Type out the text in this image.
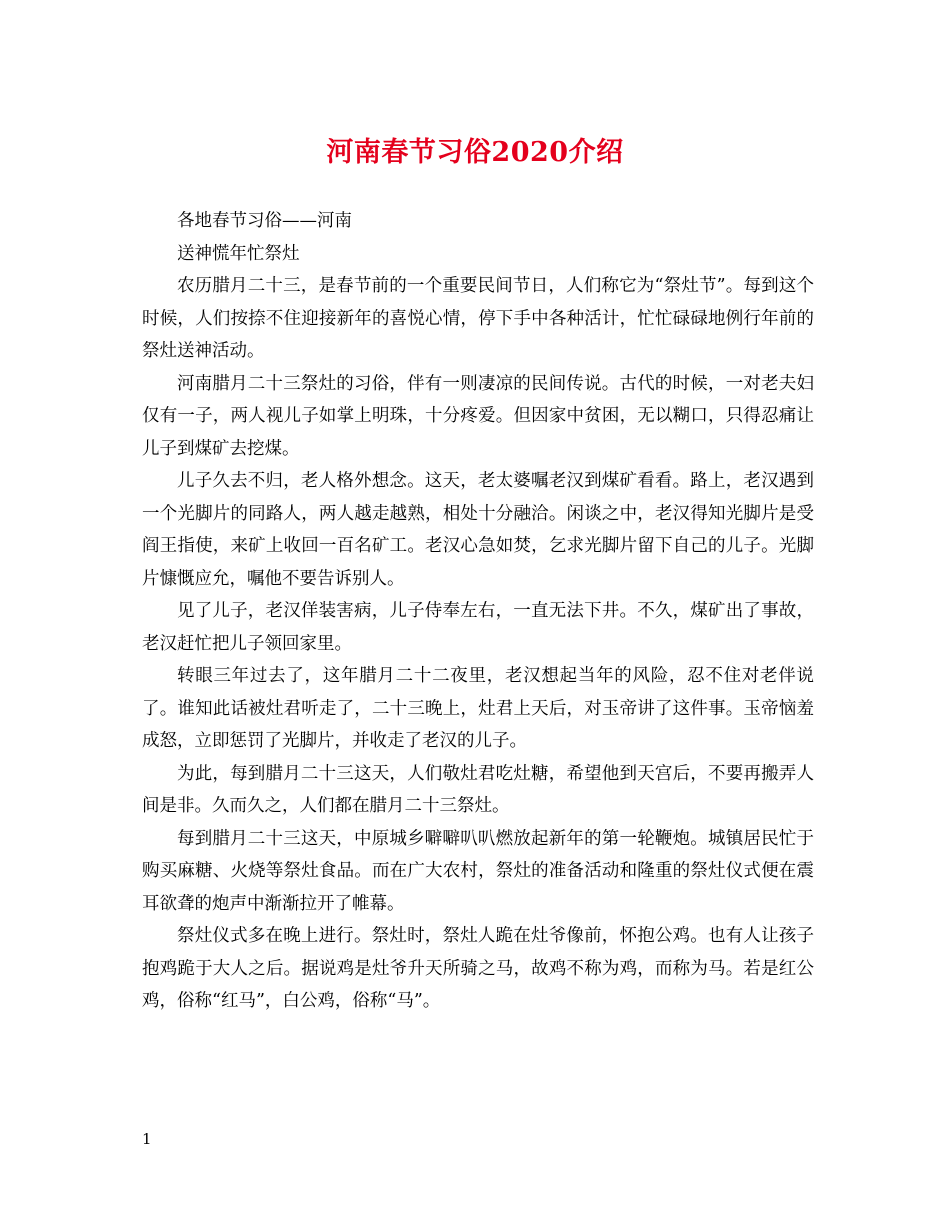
河南春节习俗2020介绍

各地春节习俗——河南

送神慌年忙祭灶

农历腊月二十三，是春节前的一个重要民间节日，人们称它为“祭灶节”。每到这个时候，人们按捺不住迎接新年的喜悦心情，停下手中各种活计，忙忙碌碌地例行年前的祭灶送神活动。

河南腊月二十三祭灶的习俗，伴有一则凄凉的民间传说。古代的时候，一对老夫妇仅有一子，两人视儿子如掌上明珠，十分疼爱。但因家中贫困，无以糊口，只得忍痛让儿子到煤矿去挖煤。

儿子久去不归，老人格外想念。这天，老太婆嘱老汉到煤矿看看。路上，老汉遇到一个光脚片的同路人，两人越走越熟，相处十分融洽。闲谈之中，老汉得知光脚片是受阎王指使，来矿上收回一百名矿工。老汉心急如焚，乞求光脚片留下自己的儿子。光脚片慷慨应允，嘱他不要告诉别人。

见了儿子，老汉佯装害病，儿子侍奉左右，一直无法下井。不久，煤矿出了事故，老汉赶忙把儿子领回家里。

转眼三年过去了，这年腊月二十二夜里，老汉想起当年的风险，忍不住对老伴说了。谁知此话被灶君听走了，二十三晚上，灶君上天后，对玉帝讲了这件事。玉帝恼羞成怒，立即惩罚了光脚片，并收走了老汉的儿子。

为此，每到腊月二十三这天，人们敬灶君吃灶糖，希望他到天宫后，不要再搬弄人间是非。久而久之，人们都在腊月二十三祭灶。

每到腊月二十三这天，中原城乡噼噼叭叭燃放起新年的第一轮鞭炮。城镇居民忙于购买麻糖、火烧等祭灶食品。而在广大农村，祭灶的准备活动和隆重的祭灶仪式便在震耳欲聋的炮声中渐渐拉开了帷幕。

祭灶仪式多在晚上进行。祭灶时，祭灶人跪在灶爷像前，怀抱公鸡。也有人让孩子抱鸡跪于大人之后。据说鸡是灶爷升天所骑之马，故鸡不称为鸡，而称为马。若是红公鸡，俗称“红马”，白公鸡，俗称“马”。

1
